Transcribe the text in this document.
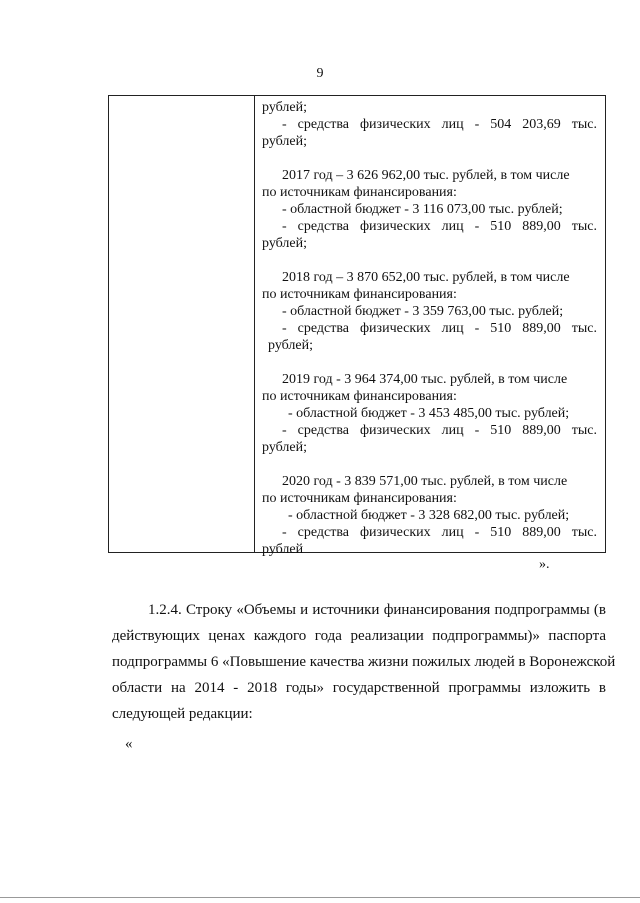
9
рублей;
- средства физических лиц - 504 203,69 тыс.
рублей;
2017 год – 3 626 962,00 тыс. рублей, в том числе
по источникам финансирования:
- областной бюджет - 3 116 073,00 тыс. рублей;
- средства физических лиц - 510 889,00 тыс.
рублей;
2018 год – 3 870 652,00 тыс. рублей, в том числе
по источникам финансирования:
- областной бюджет - 3 359 763,00 тыс. рублей;
- средства физических лиц - 510 889,00 тыс.
рублей;
2019 год - 3 964 374,00 тыс. рублей, в том числе
по источникам финансирования:
- областной бюджет - 3 453 485,00 тыс. рублей;
- средства физических лиц - 510 889,00 тыс.
рублей;
2020 год - 3 839 571,00 тыс. рублей, в том числе
по источникам финансирования:
- областной бюджет - 3 328 682,00 тыс. рублей;
- средства физических лиц - 510 889,00 тыс.
рублей
».
1.2.4. Строку «Объемы и источники финансирования подпрограммы (в
действующих ценах каждого года реализации подпрограммы)» паспорта
подпрограммы 6 «Повышение качества жизни пожилых людей в Воронежской
области на 2014 - 2018 годы» государственной программы изложить в
следующей редакции:
«
